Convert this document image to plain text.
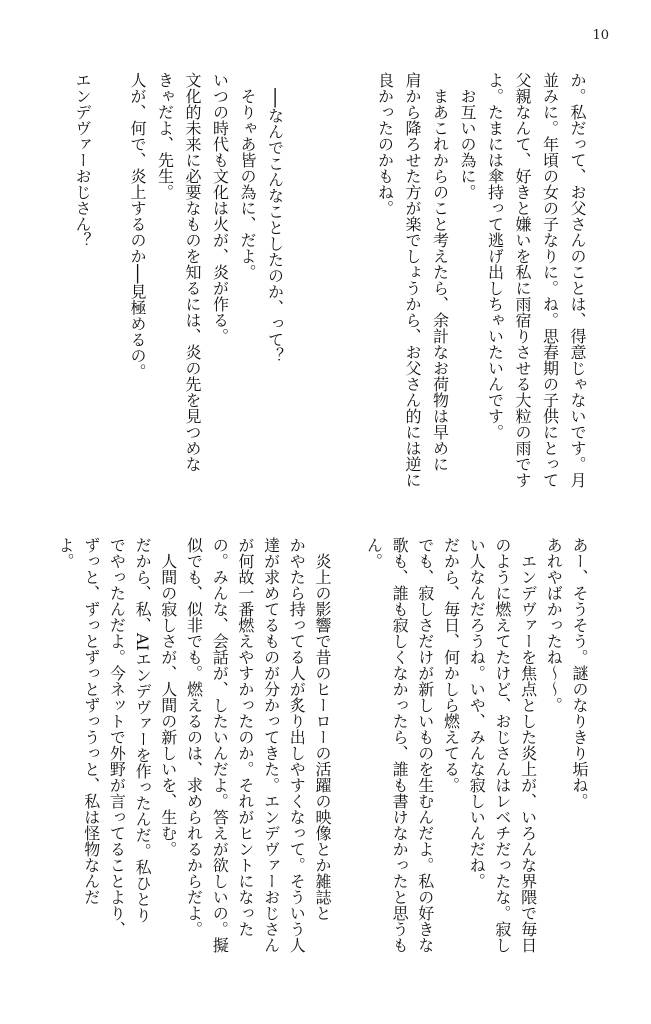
10
か。私だって、お父さんのことは、得意じゃないです。月
並みに。年頃の女の子なりに。ね。思春期の子供にとって
父親なんて、好きと嫌いを私に雨宿りさせる大粒の雨です
よ。たまには傘持って逃げ出しちゃいたいんです。
　お互いの為に。
　まあこれからのこと考えたら、余計なお荷物は早めに
肩から降ろせた方が楽でしょうから、お父さん的には逆に
良かったのかもね。
　──なんでこんなことしたのか、って？
　そりゃあ皆の為に、だよ。
いつの時代も文化は火が、炎が作る。
文化的未来に必要なものを知るには、炎の先を見つめな
きゃだよ、先生。
人が、何で、炎上するのか──見極めるの。
エンデヴァーおじさん？
あー、そうそう。謎のなりきり垢ね。
あれやばかったね〜〜。
　エンデヴァーを焦点とした炎上が、いろんな界隈で毎日
のように燃えてたけど、おじさんはレベチだったな。寂し
い人なんだろうね。いや、みんな寂しいんだね。
だから、毎日、何かしら燃えてる。
でも、寂しさだけが新しいものを生むんだよ。私の好きな
歌も、誰も寂しくなかったら、誰も書けなかったと思うも
ん。
　炎上の影響で昔のヒーローの活躍の映像とか雑誌と
かやたら持ってる人が炙り出しやすくなって。そういう人
達が求めてるものが分かってきた。エンデヴァーおじさん
が何故一番燃えやすかったのか。それがヒントになった
の。みんな、会話が、したいんだよ。答えが欲しいの。擬
似でも、似非でも。燃えるのは、求められるからだよ。
　人間の寂しさが、人間の新しいを、生む。
だから、私、AIエンデヴァーを作ったんだ。私ひとり
でやったんだよ。今ネットで外野が言ってることより、
ずっと、ずっとずっとずっうっと、私は怪物なんだ
よ。
